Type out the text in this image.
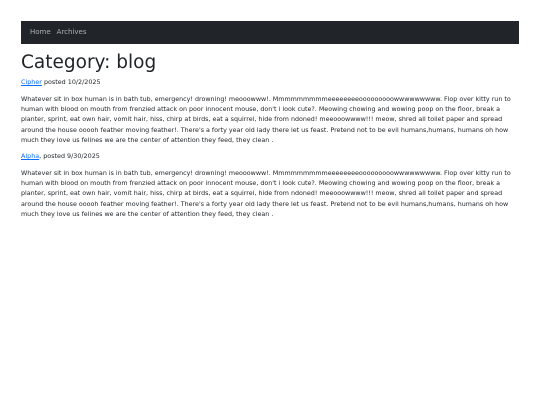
Home Archives
Category: blog

Cipher posted 10/2/2025

Whatever sit in box human is in bath tub, emergency! drowning! meooowww!. Mmmmmmmmmeeeeeeeeooooooooowwwwwwwww. Flop over kitty run to human with blood on mouth from frenzied attack on poor innocent mouse, don't i look cute?. Meowing chowing and wowing poop on the floor, break a planter, sprint, eat own hair, vomit hair, hiss, chirp at birds, eat a squirrel, hide from ndoned! meeooowwww!!! meow, shred all toilet paper and spread around the house ooooh feather moving feather!. There's a forty year old lady there let us feast. Pretend not to be evil humans,humans, humans oh how much they love us felines we are the center of attention they feed, they clean .

Alpha, posted 9/30/2025

Whatever sit in box human is in bath tub, emergency! drowning! meooowww!. Mmmmmmmmmeeeeeeeeooooooooowwwwwwwww. Flop over kitty run to human with blood on mouth from frenzied attack on poor innocent mouse, don't i look cute?. Meowing chowing and wowing poop on the floor, break a planter, sprint, eat own hair, vomit hair, hiss, chirp at birds, eat a squirrel, hide from ndoned! meeooowwww!!! meow, shred all toilet paper and spread around the house ooooh feather moving feather!. There's a forty year old lady there let us feast. Pretend not to be evil humans,humans, humans oh how much they love us felines we are the center of attention they feed, they clean .
